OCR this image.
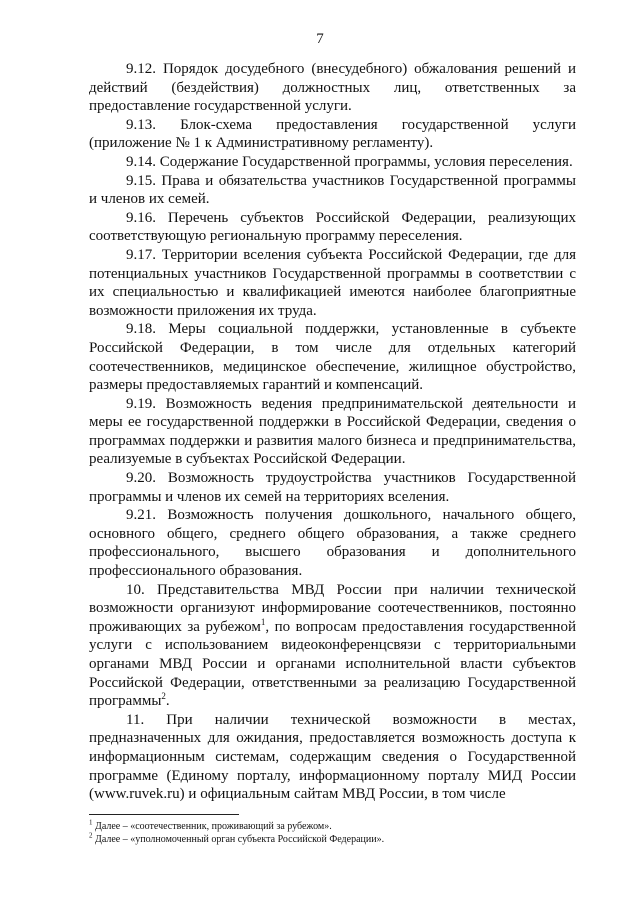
7

9.12. Порядок досудебного (внесудебного) обжалования решений и действий (бездействия) должностных лиц, ответственных за предоставление государственной услуги.

9.13. Блок-схема предоставления государственной услуги (приложение № 1 к Административному регламенту).

9.14. Содержание Государственной программы, условия переселения.

9.15. Права и обязательства участников Государственной программы и членов их семей.

9.16. Перечень субъектов Российской Федерации, реализующих соответствующую региональную программу переселения.

9.17. Территории вселения субъекта Российской Федерации, где для потенциальных участников Государственной программы в соответствии с их специальностью и квалификацией имеются наиболее благоприятные возможности приложения их труда.

9.18. Меры социальной поддержки, установленные в субъекте Российской Федерации, в том числе для отдельных категорий соотечественников, медицинское обеспечение, жилищное обустройство, размеры предоставляемых гарантий и компенсаций.

9.19. Возможность ведения предпринимательской деятельности и меры ее государственной поддержки в Российской Федерации, сведения о программах поддержки и развития малого бизнеса и предпринимательства, реализуемые в субъектах Российской Федерации.

9.20. Возможность трудоустройства участников Государственной программы и членов их семей на территориях вселения.

9.21. Возможность получения дошкольного, начального общего, основного общего, среднего общего образования, а также среднего профессионального, высшего образования и дополнительного профессионального образования.

10. Представительства МВД России при наличии технической возможности организуют информирование соотечественников, постоянно проживающих за рубежом$^1$, по вопросам предоставления государственной услуги с использованием видеоконференцсвязи с территориальными органами МВД России и органами исполнительной власти субъектов Российской Федерации, ответственными за реализацию Государственной программы$^2$.

11. При наличии технической возможности в местах, предназначенных для ожидания, предоставляется возможность доступа к информационным системам, содержащим сведения о Государственной программе (Единому порталу, информационному порталу МИД России (www.ruvek.ru) и официальным сайтам МВД России, в том числе

$^1$ Далее – «соотечественник, проживающий за рубежом».

$^2$ Далее – «уполномоченный орган субъекта Российской Федерации».
